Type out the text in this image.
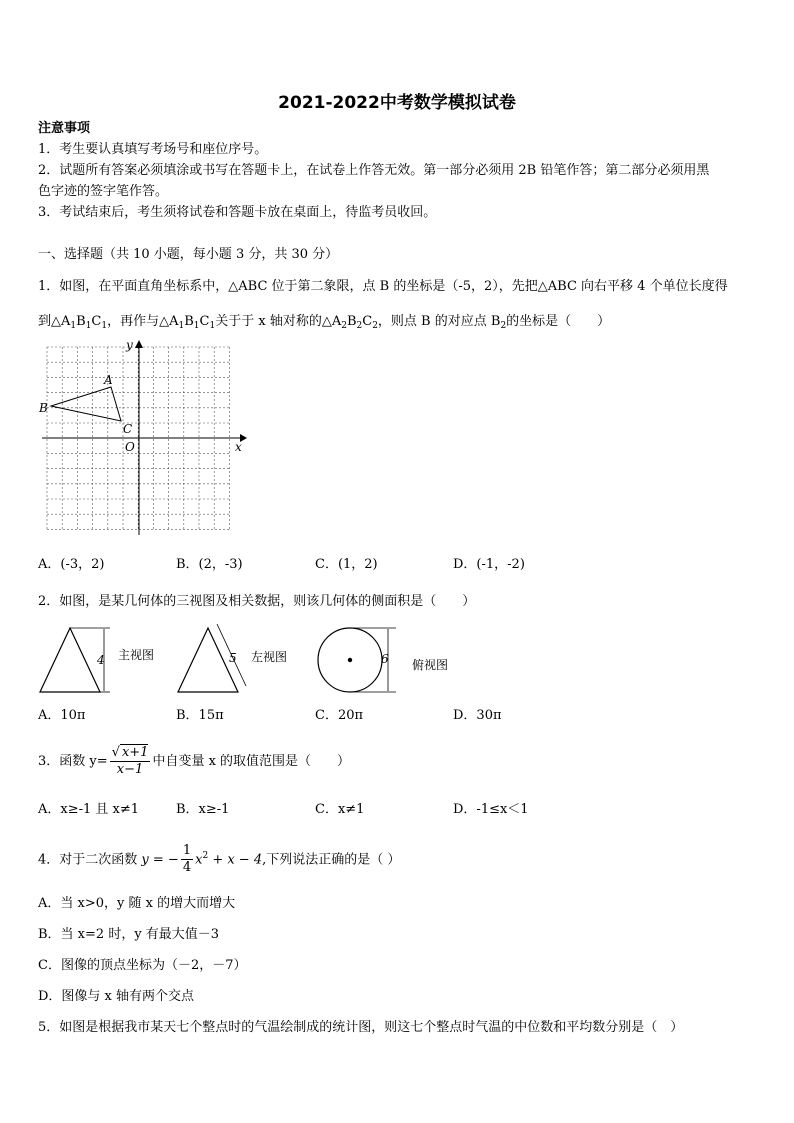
2021-2022中考数学模拟试卷
注意事项
1．考生要认真填写考场号和座位序号。
2．试题所有答案必须填涂或书写在答题卡上，在试卷上作答无效。第一部分必须用 2B 铅笔作答；第二部分必须用黑
色字迹的签字笔作答。
3．考试结束后，考生须将试卷和答题卡放在桌面上，待监考员收回。
一、选择题（共 10 小题，每小题 3 分，共 30 分）
1．如图，在平面直角坐标系中，△ABC 位于第二象限，点 B 的坐标是（-5，2），先把△ABC 向右平移 4 个单位长度得
到$\triangle A_1B_1C_1$，再作与$\triangle A_1B_1C_1$关于于 x 轴对称的$\triangle A_2B_2C_2$，则点 B 的对应点 $B_2$的坐标是（　　）
y
x
O
A
B
C
A．(-3，2)	B．(2，-3)	C．(1，2)	D．(-1，-2)
2．如图，是某几何体的三视图及相关数据，则该几何体的侧面积是（　　）
4 主视图	5 左视图	6 俯视图
A．10π	B．15π	C．20π	D．30π
3．函数 $y= \frac{√ x+1}{x-1}$ 中自变量 x 的取值范围是（　　）
A．x≥-1 且 x≠1	B．x≥-1	C．x≠1	D．-1≤x＜1
4．对于二次函数 y = − $\frac{1}{4} x^2 + x - 4$,下列说法正确的是（ ）
A．当 x>0，y 随 x 的增大而增大
B．当 x=2 时，y 有最大值－3
C．图像的顶点坐标为（－2，－7）
D．图像与 x 轴有两个交点
5．如图是根据我市某天七个整点时的气温绘制成的统计图，则这七个整点时气温的中位数和平均数分别是（　）
